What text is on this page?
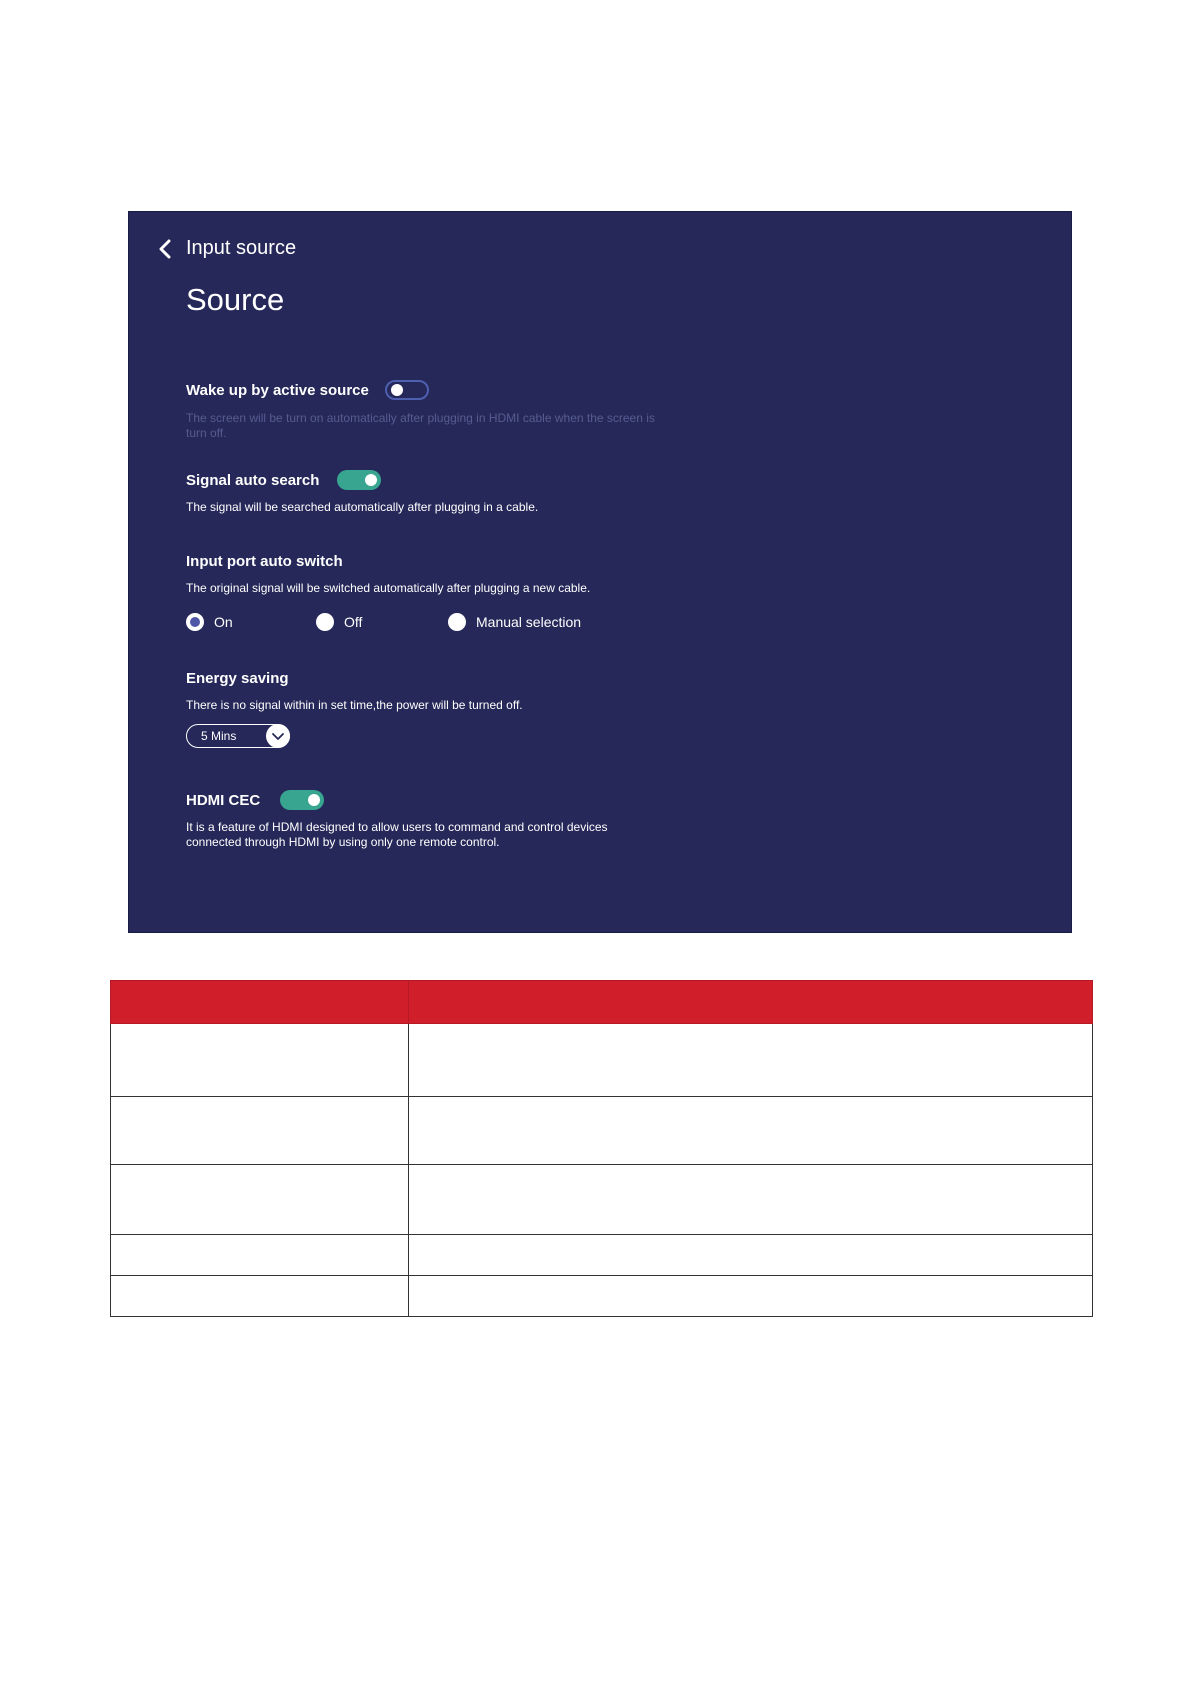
Input source
Source
Wake up by active source
The screen will be turn on automatically after plugging in HDMI cable when the screen is turn off.
Signal auto search
The signal will be searched automatically after plugging in a cable.
Input port auto switch
The original signal will be switched automatically after plugging a new cable.
On	Off	Manual selection
Energy saving
There is no signal within in set time,the power will be turned off.
5 Mins
HDMI CEC
It is a feature of HDMI designed to allow users to command and control devices connected through HDMI by using only one remote control.
